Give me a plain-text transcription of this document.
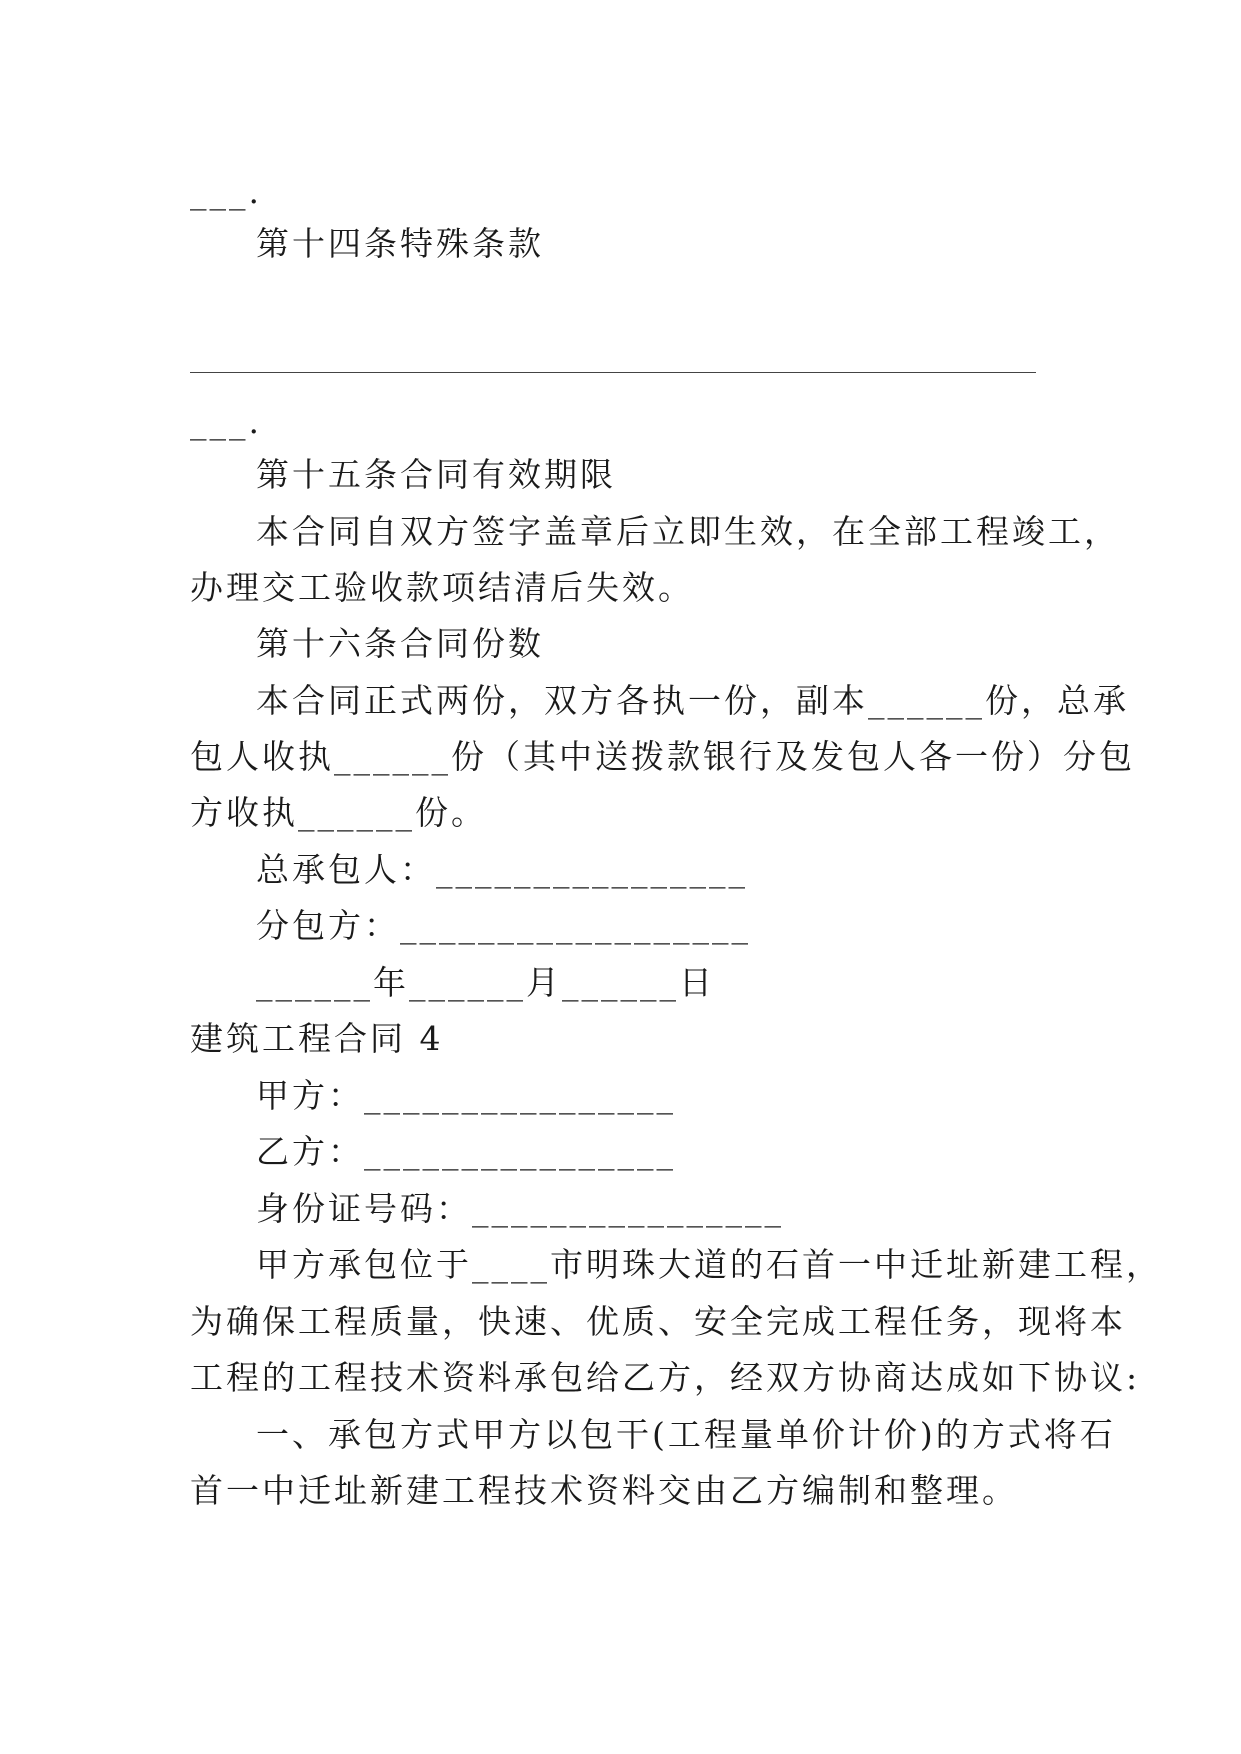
___.
第十四条特殊条款
___.
第十五条合同有效期限
本合同自双方签字盖章后立即生效，在全部工程竣工，
办理交工验收款项结清后失效。
第十六条合同份数
本合同正式两份，双方各执一份，副本______份，总承
包人收执______份（其中送拨款银行及发包人各一份）分包
方收执______份。
总承包人：________________
分包方：__________________
______年______月______日
建筑工程合同 4
甲方：________________
乙方：________________
身份证号码：________________
甲方承包位于____市明珠大道的石首一中迁址新建工程，
为确保工程质量，快速、优质、安全完成工程任务，现将本
工程的工程技术资料承包给乙方，经双方协商达成如下协议:
一、承包方式甲方以包干(工程量单价计价)的方式将石
首一中迁址新建工程技术资料交由乙方编制和整理。
